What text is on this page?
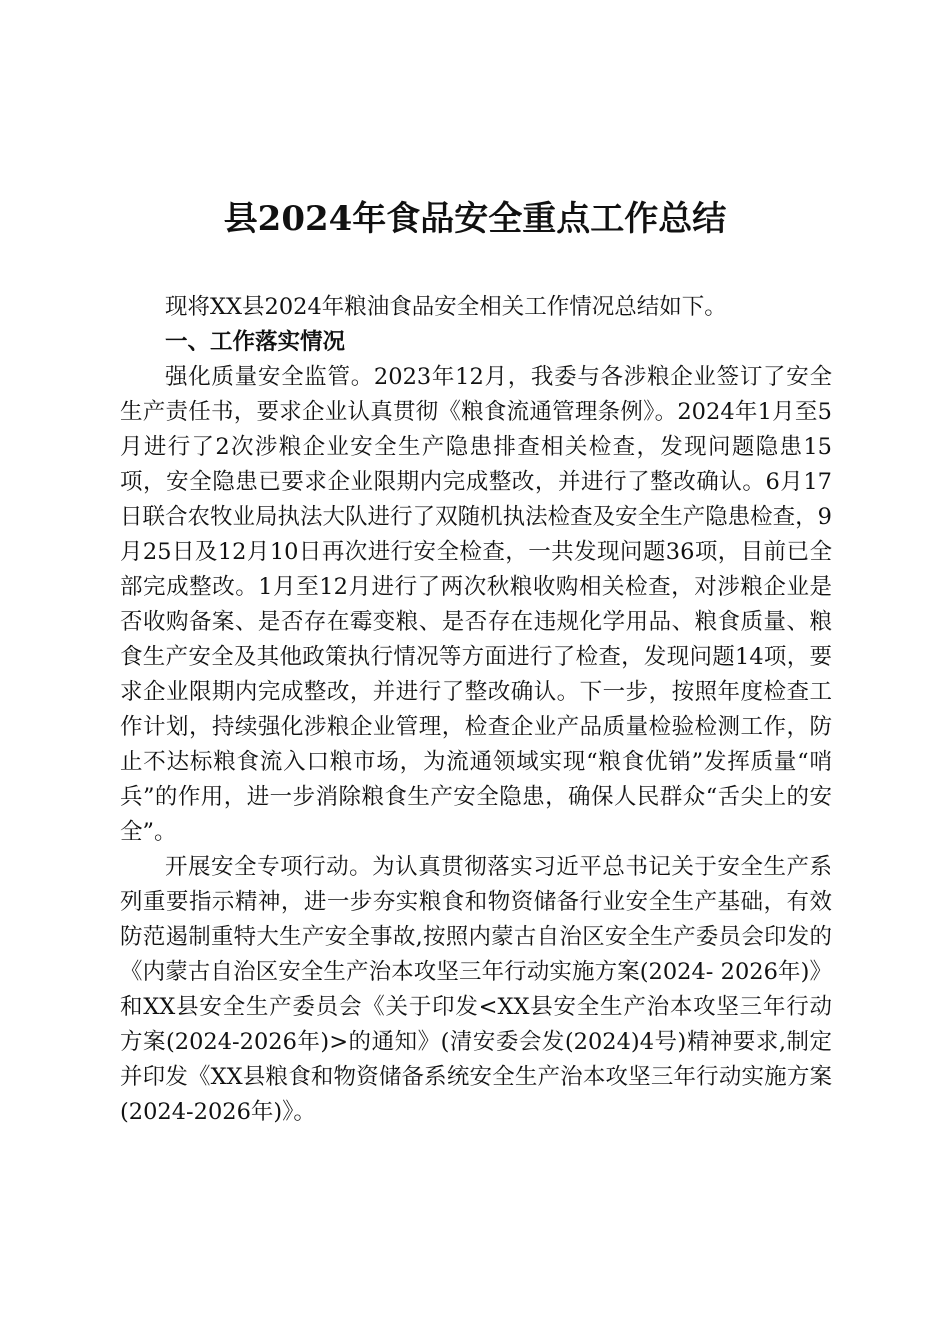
县2024年食品安全重点工作总结

现将XX县2024年粮油食品安全相关工作情况总结如下。

一、工作落实情况

强化质量安全监管。2023年12月，我委与各涉粮企业签订了安全生产责任书，要求企业认真贯彻《粮食流通管理条例》。2024年1月至5月进行了2次涉粮企业安全生产隐患排查相关检查，发现问题隐患15项，安全隐患已要求企业限期内完成整改，并进行了整改确认。6月17日联合农牧业局执法大队进行了双随机执法检查及安全生产隐患检查，9月25日及12月10日再次进行安全检查，一共发现问题36项，目前已全部完成整改。1月至12月进行了两次秋粮收购相关检查，对涉粮企业是否收购备案、是否存在霉变粮、是否存在违规化学用品、粮食质量、粮食生产安全及其他政策执行情况等方面进行了检查，发现问题14项，要求企业限期内完成整改，并进行了整改确认。下一步，按照年度检查工作计划，持续强化涉粮企业管理，检查企业产品质量检验检测工作，防止不达标粮食流入口粮市场，为流通领域实现“粮食优销”发挥质量“哨兵”的作用，进一步消除粮食生产安全隐患，确保人民群众“舌尖上的安全”。

开展安全专项行动。为认真贯彻落实习近平总书记关于安全生产系列重要指示精神，进一步夯实粮食和物资储备行业安全生产基础，有效防范遏制重特大生产安全事故,按照内蒙古自治区安全生产委员会印发的《内蒙古自治区安全生产治本攻坚三年行动实施方案(2024- 2026年)》和XX县安全生产委员会《关于印发<XX县安全生产治本攻坚三年行动方案(2024-2026年)>的通知》(清安委会发(2024)4号)精神要求,制定并印发《XX县粮食和物资储备系统安全生产治本攻坚三年行动实施方案(2024-2026年)》。
